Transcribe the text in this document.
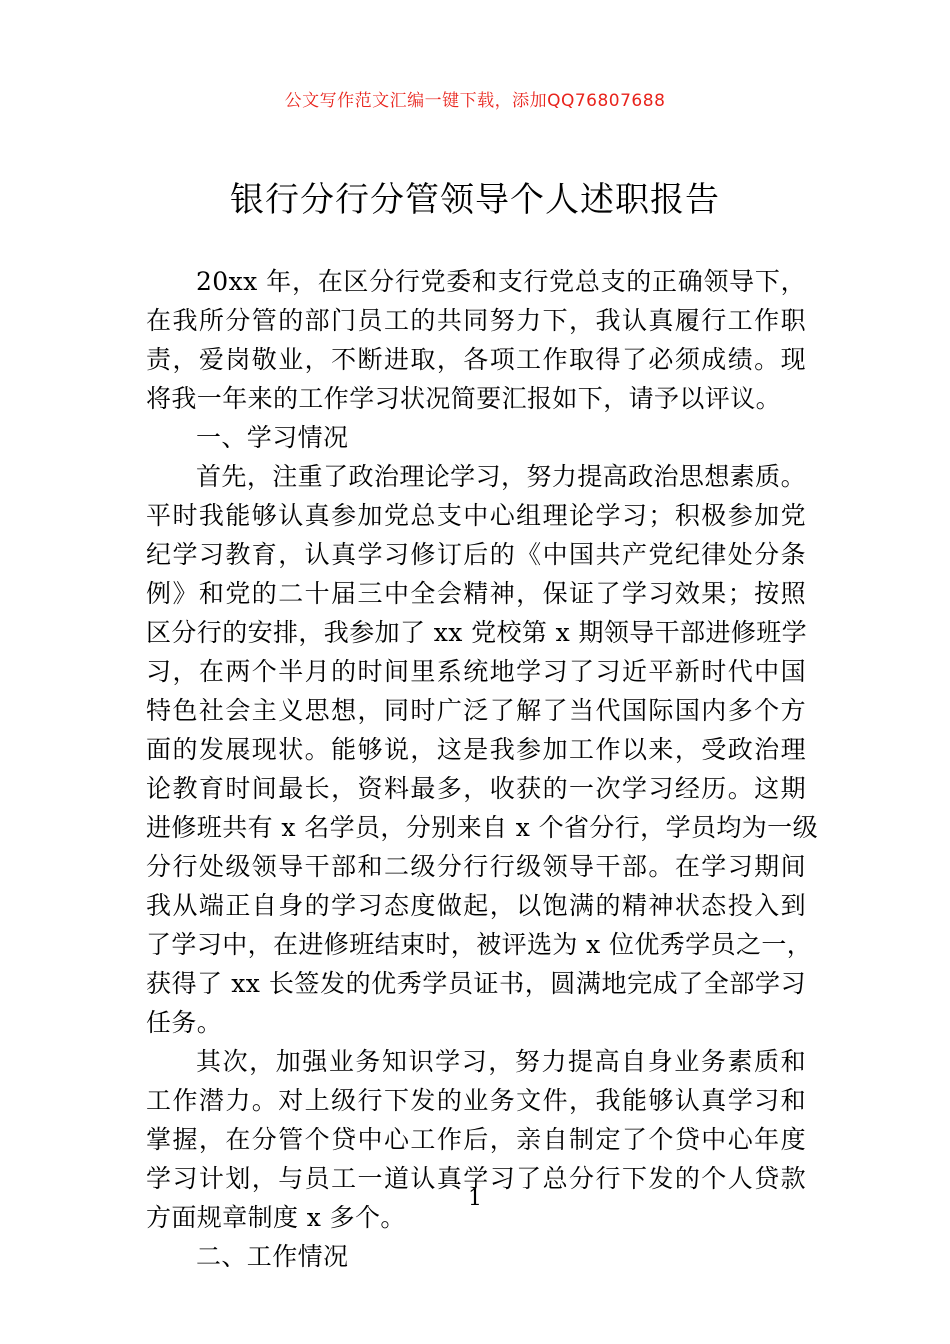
公文写作范文汇编一键下载，添加QQ76807688
银行分行分管领导个人述职报告
20xx 年，在区分行党委和支行党总支的正确领导下，
在我所分管的部门员工的共同努力下，我认真履行工作职
责，爱岗敬业，不断进取，各项工作取得了必须成绩。现
将我一年来的工作学习状况简要汇报如下，请予以评议。
一、学习情况
首先，注重了政治理论学习，努力提高政治思想素质。
平时我能够认真参加党总支中心组理论学习；积极参加党
纪学习教育，认真学习修订后的《中国共产党纪律处分条
例》和党的二十届三中全会精神，保证了学习效果；按照
区分行的安排，我参加了 xx 党校第 x 期领导干部进修班学
习，在两个半月的时间里系统地学习了习近平新时代中国
特色社会主义思想，同时广泛了解了当代国际国内多个方
面的发展现状。能够说，这是我参加工作以来，受政治理
论教育时间最长，资料最多，收获的一次学习经历。这期
进修班共有 x 名学员，分别来自 x 个省分行，学员均为一级
分行处级领导干部和二级分行行级领导干部。在学习期间
我从端正自身的学习态度做起，以饱满的精神状态投入到
了学习中，在进修班结束时，被评选为 x 位优秀学员之一，
获得了 xx 长签发的优秀学员证书，圆满地完成了全部学习
任务。
其次，加强业务知识学习，努力提高自身业务素质和
工作潜力。对上级行下发的业务文件，我能够认真学习和
掌握，在分管个贷中心工作后，亲自制定了个贷中心年度
学习计划，与员工一道认真学习了总分行下发的个人贷款
方面规章制度 x 多个。
二、工作情况
1
